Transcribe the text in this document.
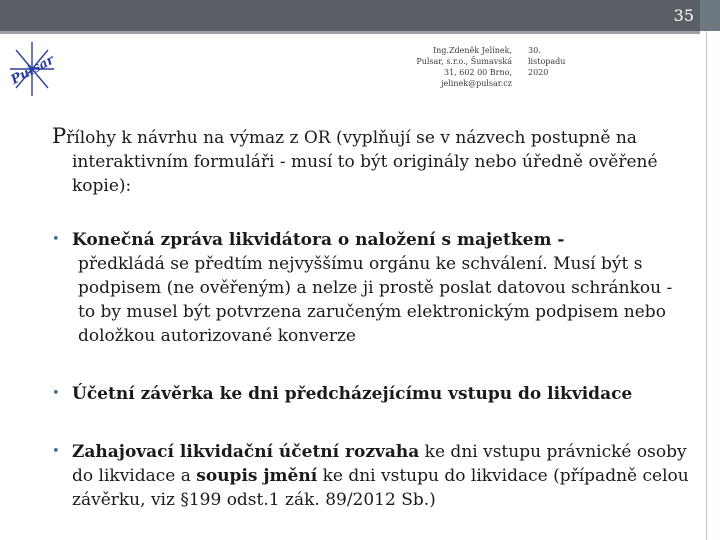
35
Pulsar
Ing.Zdeněk Jelínek,
Pulsar, s.r.o., Šumavská
31, 602 00 Brno,
jelinek@pulsar.cz
30. listopadu
2020
Přílohy k návrhu na výmaz z OR (vyplňují se v názvech postupně na
interaktivním formuláři - musí to být originály nebo úředně ověřené kopie):
• Konečná zpráva likvidátora o naložení s majetkem -
předkládá se předtím nejvyššímu orgánu ke schválení. Musí být s podpisem (ne ověřeným) a nelze ji prostě poslat datovou schránkou - to by musel být potvrzena zaručeným elektronickým podpisem nebo doložkou autorizované konverze
• Účetní závěrka ke dni předcházejícímu vstupu do likvidace
• Zahajovací likvidační účetní rozvaha ke dni vstupu právnické osoby do likvidace a soupis jmění ke dni vstupu do likvidace (případně celou závěrku, viz §199 odst.1 zák. 89/2012 Sb.)
